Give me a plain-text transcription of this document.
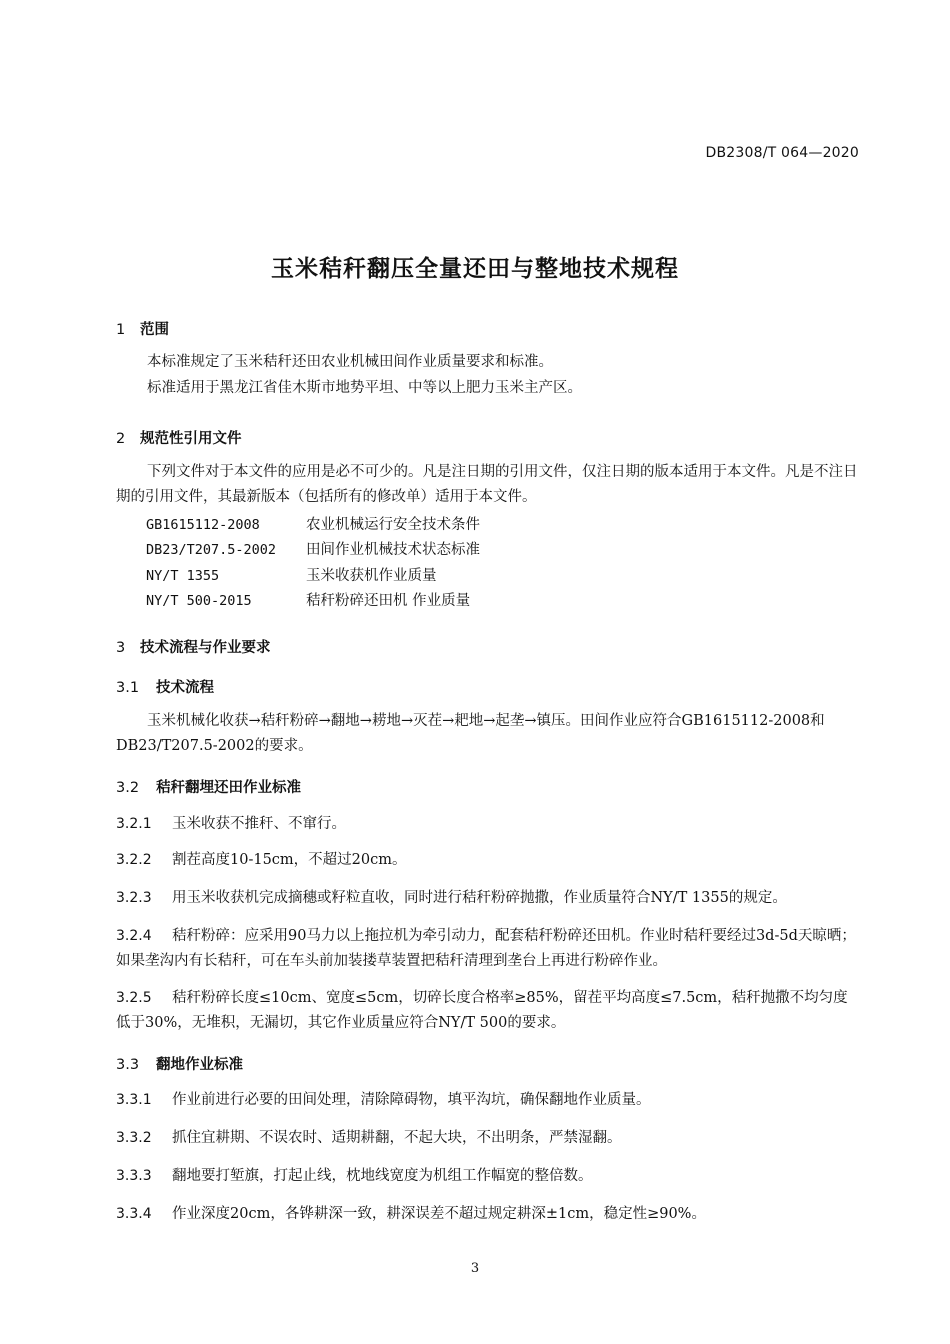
DB2308/T 064—2020
玉米秸秆翻压全量还田与整地技术规程
1 范围

本标准规定了玉米秸秆还田农业机械田间作业质量要求和标准。

标准适用于黑龙江省佳木斯市地势平坦、中等以上肥力玉米主产区。

2 规范性引用文件

下列文件对于本文件的应用是必不可少的。凡是注日期的引用文件，仅注日期的版本适用于本文件。凡是不注日期的引用文件，其最新版本（包括所有的修改单）适用于本文件。

GB1615112-2008	农业机械运行安全技术条件
DB23/T207.5-2002 田间作业机械技术状态标准
NY/T 1355	玉米收获机作业质量
NY/T 500-2015	秸秆粉碎还田机 作业质量
3 技术流程与作业要求
3.1 技术流程

玉米机械化收获→秸秆粉碎→翻地→耢地→灭茬→耙地→起垄→镇压。田间作业应符合GB1615112-2008和DB23/T207.5-2002的要求。

3.2 秸秆翻埋还田作业标准

3.2.1 玉米收获不推秆、不窜行。

3.2.2 割茬高度10-15cm，不超过20cm。

3.2.3 用玉米收获机完成摘穗或籽粒直收，同时进行秸秆粉碎抛撒，作业质量符合NY/T 1355的规定。

3.2.4 秸秆粉碎：应采用90马力以上拖拉机为牵引动力，配套秸秆粉碎还田机。作业时秸秆要经过3d-5d天晾晒；如果垄沟内有长秸秆，可在车头前加装搂草装置把秸秆清理到垄台上再进行粉碎作业。

3.2.5 秸秆粉碎长度≤10cm、宽度≤5cm，切碎长度合格率≥85%，留茬平均高度≤7.5cm，秸秆抛撒不均匀度低于30%，无堆积，无漏切，其它作业质量应符合NY/T 500的要求。

3.3 翻地作业标准

3.3.1 作业前进行必要的田间处理，清除障碍物，填平沟坑，确保翻地作业质量。

3.3.2 抓住宜耕期、不误农时、适期耕翻，不起大块，不出明条，严禁湿翻。

3.3.3 翻地要打堑旗，打起止线，枕地线宽度为机组工作幅宽的整倍数。

3.3.4 作业深度20cm，各铧耕深一致，耕深误差不超过规定耕深±1cm，稳定性≥90%。

3
